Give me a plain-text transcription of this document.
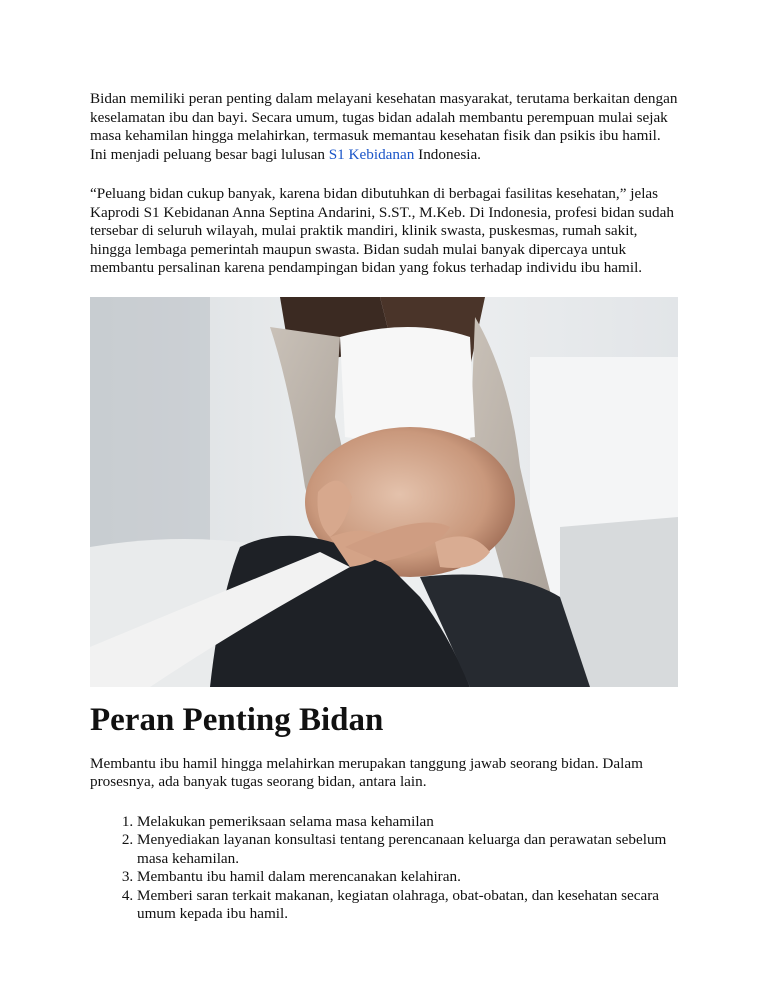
Bidan memiliki peran penting dalam melayani kesehatan masyarakat, terutama berkaitan dengan keselamatan ibu dan bayi. Secara umum, tugas bidan adalah membantu perempuan mulai sejak masa kehamilan hingga melahirkan, termasuk memantau kesehatan fisik dan psikis ibu hamil. Ini menjadi peluang besar bagi lulusan S1 Kebidanan Indonesia.

“Peluang bidan cukup banyak, karena bidan dibutuhkan di berbagai fasilitas kesehatan,” jelas Kaprodi S1 Kebidanan Anna Septina Andarini, S.ST., M.Keb. Di Indonesia, profesi bidan sudah tersebar di seluruh wilayah, mulai praktik mandiri, klinik swasta, puskesmas, rumah sakit, hingga lembaga pemerintah maupun swasta. Bidan sudah mulai banyak dipercaya untuk membantu persalinan karena pendampingan bidan yang fokus terhadap individu ibu hamil.

Peran Penting Bidan

Membantu ibu hamil hingga melahirkan merupakan tanggung jawab seorang bidan. Dalam prosesnya, ada banyak tugas seorang bidan, antara lain.

1. Melakukan pemeriksaan selama masa kehamilan
2. Menyediakan layanan konsultasi tentang perencanaan keluarga dan perawatan sebelum masa kehamilan.
3. Membantu ibu hamil dalam merencanakan kelahiran.
4. Memberi saran terkait makanan, kegiatan olahraga, obat-obatan, dan kesehatan secara umum kepada ibu hamil.
